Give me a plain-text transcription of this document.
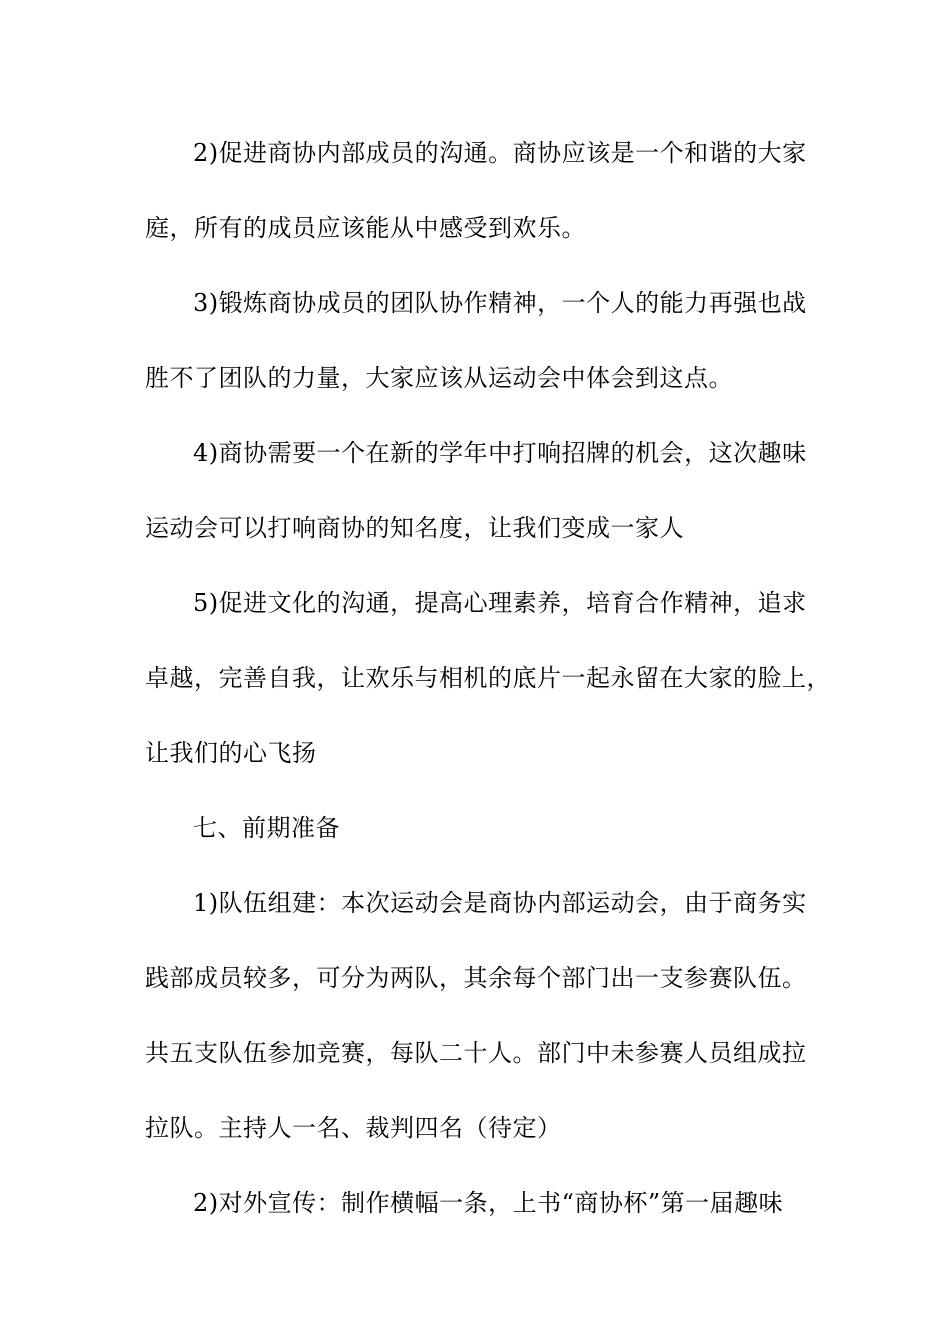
2)促进商协内部成员的沟通。商协应该是一个和谐的大家
庭，所有的成员应该能从中感受到欢乐。
3)锻炼商协成员的团队协作精神，一个人的能力再强也战
胜不了团队的力量，大家应该从运动会中体会到这点。
4)商协需要一个在新的学年中打响招牌的机会，这次趣味
运动会可以打响商协的知名度，让我们变成一家人
5)促进文化的沟通，提高心理素养，培育合作精神，追求
卓越，完善自我，让欢乐与相机的底片一起永留在大家的脸上，
让我们的心飞扬
七、前期准备
1)队伍组建：本次运动会是商协内部运动会，由于商务实
践部成员较多，可分为两队，其余每个部门出一支参赛队伍。
共五支队伍参加竞赛，每队二十人。部门中未参赛人员组成拉
拉队。主持人一名、裁判四名（待定）
2)对外宣传：制作横幅一条，上书“商协杯”第一届趣味
